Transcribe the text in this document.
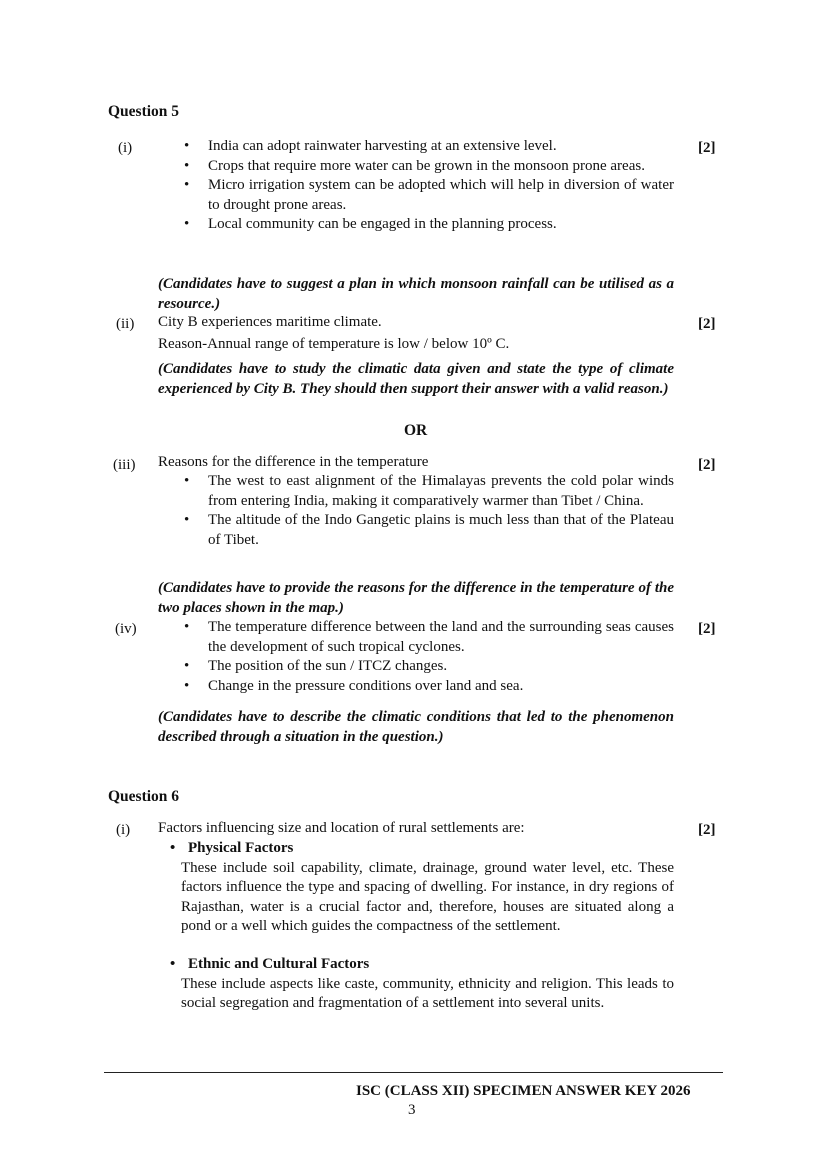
Question 5
(i)	[2]
• India can adopt rainwater harvesting at an extensive level.
• Crops that require more water can be grown in the monsoon prone areas.
• Micro irrigation system can be adopted which will help in diversion of water to drought prone areas.
• Local community can be engaged in the planning process.
(Candidates have to suggest a plan in which monsoon rainfall can be utilised as a resource.)
(ii)	[2]
City B experiences maritime climate.
Reason-Annual range of temperature is low / below 10º C.
(Candidates have to study the climatic data given and state the type of climate experienced by City B. They should then support their answer with a valid reason.)
OR
(iii)	[2]
Reasons for the difference in the temperature
• The west to east alignment of the Himalayas prevents the cold polar winds from entering India, making it comparatively warmer than Tibet / China.
• The altitude of the Indo Gangetic plains is much less than that of the Plateau of Tibet.
(Candidates have to provide the reasons for the difference in the temperature of the two places shown in the map.)
(iv)	[2]
• The temperature difference between the land and the surrounding seas causes the development of such tropical cyclones.
• The position of the sun / ITCZ changes.
• Change in the pressure conditions over land and sea.
(Candidates have to describe the climatic conditions that led to the phenomenon described through a situation in the question.)
Question 6
(i)	[2]
Factors influencing size and location of rural settlements are:
• Physical Factors
These include soil capability, climate, drainage, ground water level, etc. These factors influence the type and spacing of dwelling. For instance, in dry regions of Rajasthan, water is a crucial factor and, therefore, houses are situated along a pond or a well which guides the compactness of the settlement.
• Ethnic and Cultural Factors
These include aspects like caste, community, ethnicity and religion. This leads to social segregation and fragmentation of a settlement into several units.
ISC (CLASS XII) SPECIMEN ANSWER KEY 2026
3
